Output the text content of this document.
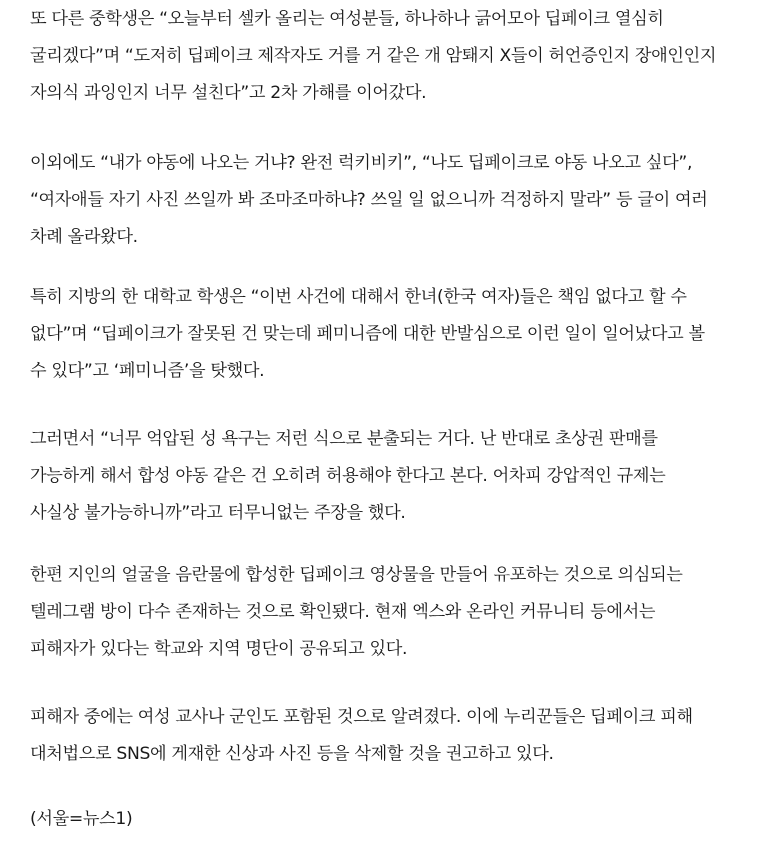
또 다른 중학생은 “오늘부터 셀카 올리는 여성분들, 하나하나 긁어모아 딥페이크 열심히
굴리겠다”며 “도저히 딥페이크 제작자도 거를 거 같은 개 암퇘지 X들이 허언증인지 장애인인지
자의식 과잉인지 너무 설친다”고 2차 가해를 이어갔다.

이외에도 “내가 야동에 나오는 거냐? 완전 럭키비키”, “나도 딥페이크로 야동 나오고 싶다”,
“여자애들 자기 사진 쓰일까 봐 조마조마하냐? 쓰일 일 없으니까 걱정하지 말라” 등 글이 여러
차례 올라왔다.

특히 지방의 한 대학교 학생은 “이번 사건에 대해서 한녀(한국 여자)들은 책임 없다고 할 수
없다”며 “딥페이크가 잘못된 건 맞는데 페미니즘에 대한 반발심으로 이런 일이 일어났다고 볼
수 있다”고 ‘페미니즘’을 탓했다.

그러면서 “너무 억압된 성 욕구는 저런 식으로 분출되는 거다. 난 반대로 초상권 판매를
가능하게 해서 합성 야동 같은 건 오히려 허용해야 한다고 본다. 어차피 강압적인 규제는
사실상 불가능하니까”라고 터무니없는 주장을 했다.

한편 지인의 얼굴을 음란물에 합성한 딥페이크 영상물을 만들어 유포하는 것으로 의심되는
텔레그램 방이 다수 존재하는 것으로 확인됐다. 현재 엑스와 온라인 커뮤니티 등에서는
피해자가 있다는 학교와 지역 명단이 공유되고 있다.

피해자 중에는 여성 교사나 군인도 포함된 것으로 알려졌다. 이에 누리꾼들은 딥페이크 피해
대처법으로 SNS에 게재한 신상과 사진 등을 삭제할 것을 권고하고 있다.

(서울=뉴스1)
